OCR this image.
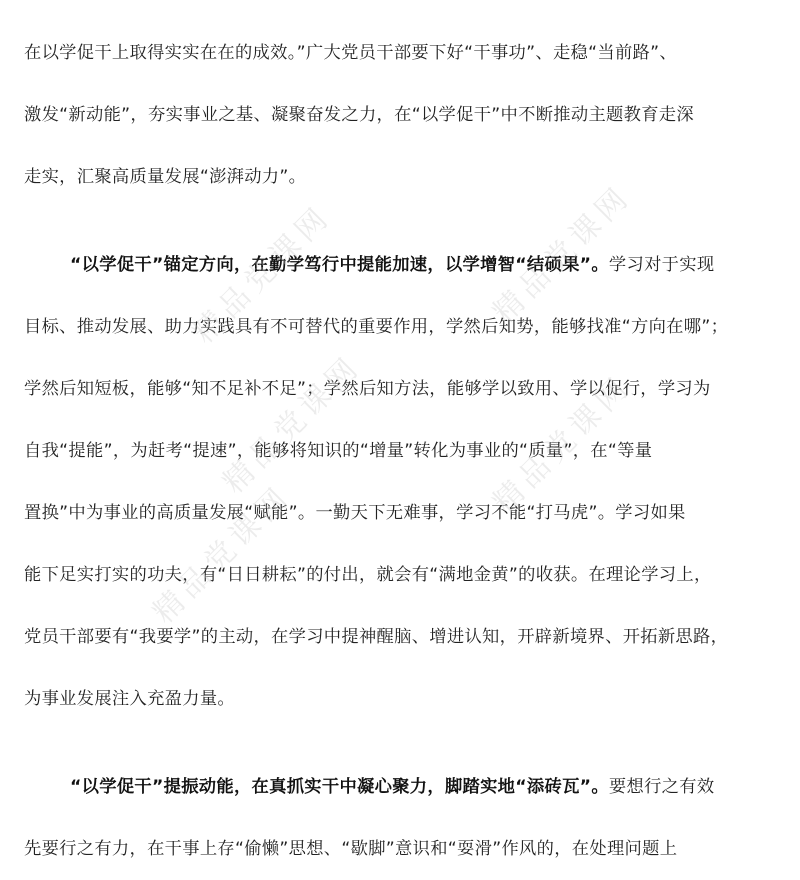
在以学促干上取得实实在在的成效。”广大党员干部要下好“干事功”、走稳“当前路”、
激发“新动能”，夯实事业之基、凝聚奋发之力，在“以学促干”中不断推动主题教育走深
走实，汇聚高质量发展“澎湃动力”。
“以学促干”锚定方向，在勤学笃行中提能加速，以学增智“结硕果”。学习对于实现
目标、推动发展、助力实践具有不可替代的重要作用，学然后知势，能够找准“方向在哪”；
学然后知短板，能够“知不足补不足”；学然后知方法，能够学以致用、学以促行，学习为
自我“提能”，为赶考“提速”，能够将知识的“增量”转化为事业的“质量”，在“等量
置换”中为事业的高质量发展“赋能”。一勤天下无难事，学习不能“打马虎”。学习如果
能下足实打实的功夫，有“日日耕耘”的付出，就会有“满地金黄”的收获。在理论学习上，
党员干部要有“我要学”的主动，在学习中提神醒脑、增进认知，开辟新境界、开拓新思路，
为事业发展注入充盈力量。
“以学促干”提振动能，在真抓实干中凝心聚力，脚踏实地“添砖瓦”。要想行之有效
先要行之有力，在干事上存“偷懒”思想、“歇脚”意识和“耍滑”作风的，在处理问题上
精品党课网	精品党课网
精品党课网	精品党课网
精品党课网
